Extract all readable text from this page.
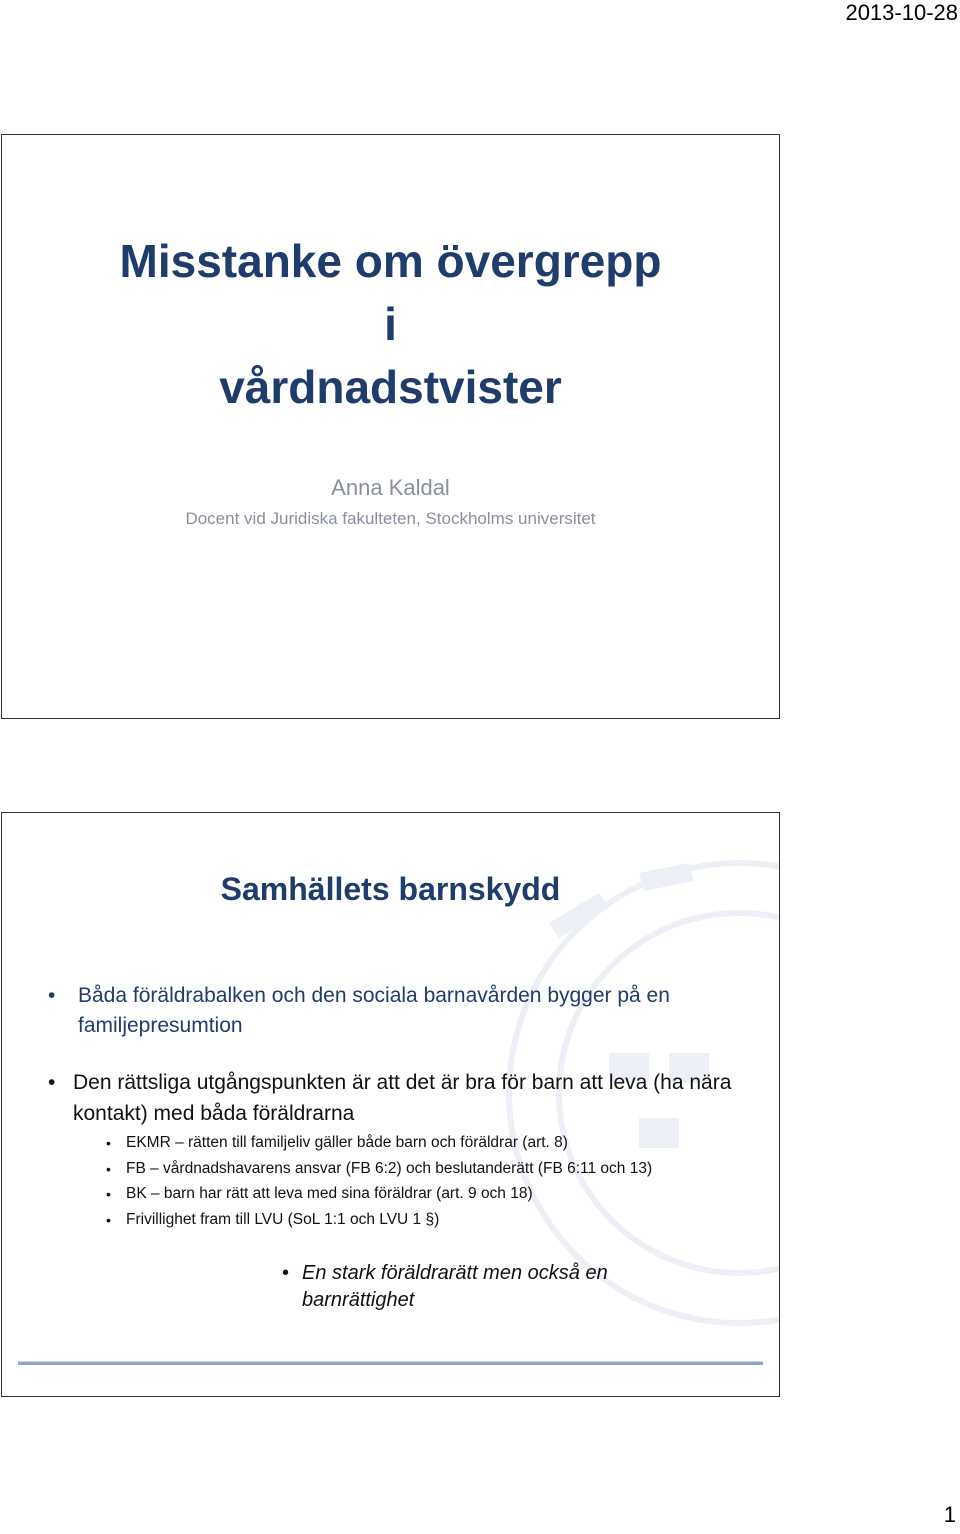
2013-10-28
Misstanke om övergrepp
i
vårdnadstvister
Anna Kaldal
Docent vid Juridiska fakulteten, Stockholms universitet
Samhällets barnskydd
• Båda föräldrabalken och den sociala barnavården bygger på en familjepresumtion
• Den rättsliga utgångspunkten är att det är bra för barn att leva (ha nära kontakt) med båda föräldrarna
• EKMR – rätten till familjeliv gäller både barn och föräldrar (art. 8)
• FB – vårdnadshavarens ansvar (FB 6:2) och beslutanderätt (FB 6:11 och 13)
• BK – barn har rätt att leva med sina föräldrar (art. 9 och 18)
• Frivillighet fram till LVU (SoL 1:1 och LVU 1 §)
• En stark föräldrarätt men också en barnrättighet
1
